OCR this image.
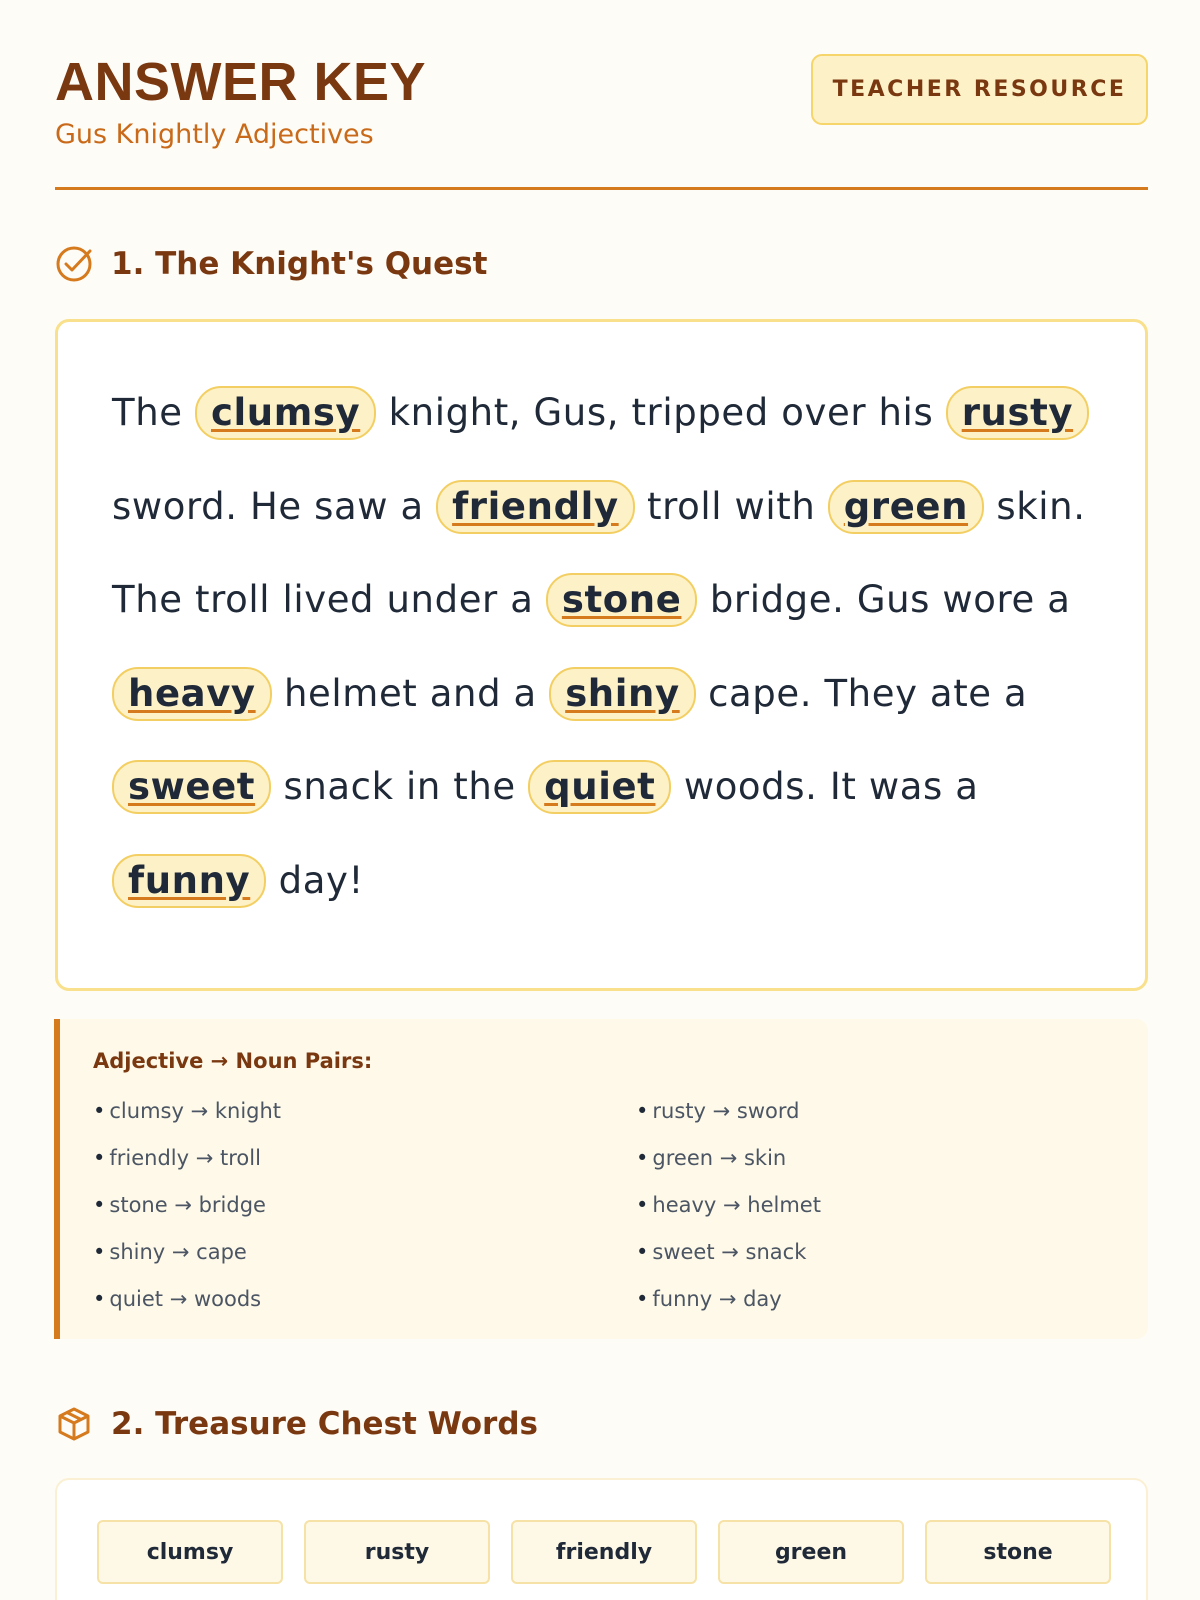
ANSWER KEY
Gus Knightly Adjectives
TEACHER RESOURCE
1. The Knight's Quest
The clumsy knight, Gus, tripped over his rusty sword. He saw a friendly troll with green skin. The troll lived under a stone bridge. Gus wore a heavy helmet and a shiny cape. They ate a sweet snack in the quiet woods. It was a funny day!
Adjective → Noun Pairs:
• clumsy → knight
• friendly → troll
• stone → bridge
• shiny → cape
• quiet → woods
• rusty → sword
• green → skin
• heavy → helmet
• sweet → snack
• funny → day
2. Treasure Chest Words
clumsy	rusty	friendly	green	stone
